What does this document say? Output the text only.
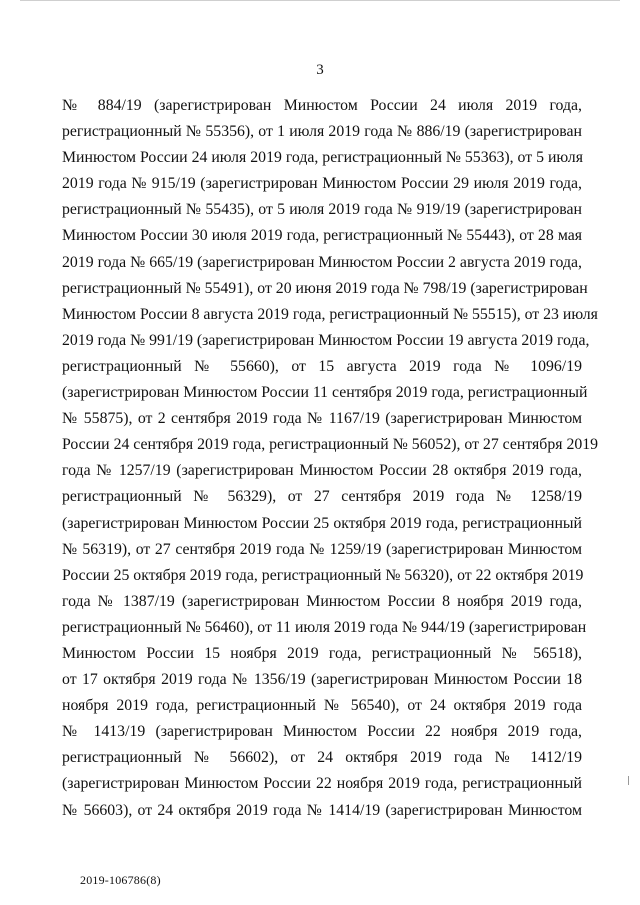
3
№ 884/19 (зарегистрирован Минюстом России 24 июля 2019 года,
регистрационный № 55356), от 1 июля 2019 года № 886/19 (зарегистрирован
Минюстом России 24 июля 2019 года, регистрационный № 55363), от 5 июля
2019 года № 915/19 (зарегистрирован Минюстом России 29 июля 2019 года,
регистрационный № 55435), от 5 июля 2019 года № 919/19 (зарегистрирован
Минюстом России 30 июля 2019 года, регистрационный № 55443), от 28 мая
2019 года № 665/19 (зарегистрирован Минюстом России 2 августа 2019 года,
регистрационный № 55491), от 20 июня 2019 года № 798/19 (зарегистрирован
Минюстом России 8 августа 2019 года, регистрационный № 55515), от 23 июля
2019 года № 991/19 (зарегистрирован Минюстом России 19 августа 2019 года,
регистрационный № 55660), от 15 августа 2019 года № 1096/19
(зарегистрирован Минюстом России 11 сентября 2019 года, регистрационный
№ 55875), от 2 сентября 2019 года № 1167/19 (зарегистрирован Минюстом
России 24 сентября 2019 года, регистрационный № 56052), от 27 сентября 2019
года № 1257/19 (зарегистрирован Минюстом России 28 октября 2019 года,
регистрационный № 56329), от 27 сентября 2019 года № 1258/19
(зарегистрирован Минюстом России 25 октября 2019 года, регистрационный
№ 56319), от 27 сентября 2019 года № 1259/19 (зарегистрирован Минюстом
России 25 октября 2019 года, регистрационный № 56320), от 22 октября 2019
года № 1387/19 (зарегистрирован Минюстом России 8 ноября 2019 года,
регистрационный № 56460), от 11 июля 2019 года № 944/19 (зарегистрирован
Минюстом России 15 ноября 2019 года, регистрационный № 56518),
от 17 октября 2019 года № 1356/19 (зарегистрирован Минюстом России 18
ноября 2019 года, регистрационный № 56540), от 24 октября 2019 года
№ 1413/19 (зарегистрирован Минюстом России 22 ноября 2019 года,
регистрационный № 56602), от 24 октября 2019 года № 1412/19
(зарегистрирован Минюстом России 22 ноября 2019 года, регистрационный
№ 56603), от 24 октября 2019 года № 1414/19 (зарегистрирован Минюстом
2019-106786(8)
